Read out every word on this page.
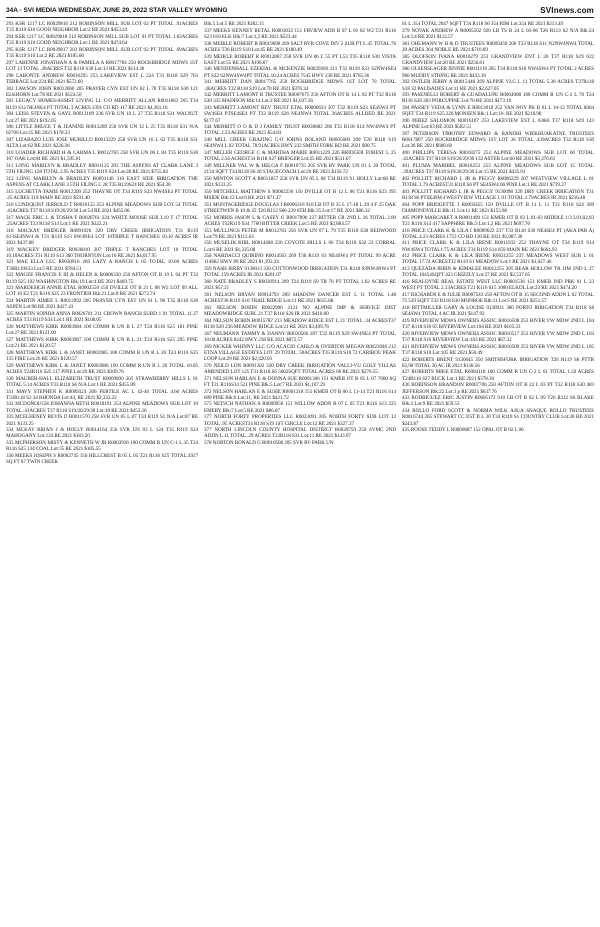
34A - SVI MEDIA WEDNESDAY, JUNE 29, 2022 STAR VALLEY WYOMING	SVInews.com

293 KSR 1217 LC R0029816 212 ROBINSON MILL SUB LOT 02 PT TOTAL .91ACRES T35 R119 S10 GOOD NEIGHBOR Lot:2 RE 2021 $453.43

294 KSR 1217 LC R0029818 212 ROBINSON MILL SUB LOT 01 PT TOTAL 1.62ACRES T35 R119 S10 GOOD NEIGHBOR Lot:1 RE 2021 $474.64

295 KSR 1217 LC R0029817 203 ROBINSON MILL SUB LOT 02 PT TOTAL .69ACRES T35 R119 S10 Lot:2 RE 2021 $185.60

297 LABENNE JONATHAN A & PAMELA A R0017784 250 ROCKBRIDGE MDWS 1ST LOT 13 TOTAL .28ACRES T32 R118 S30 Lot:13 RE 2021 $114.30

298 LABONTE ANDREW R0016295 253 LAKEVIEW EST L 224 T31 R118 S29 763 TERRACE Lot:224 RE 2021 $572.60

302 LAWSON JOHN R0012660 205 PRAYER CYN EST UN 02 L 78 T35 R118 S30 121 ELKHORN Lot:78 RE 2021 $124.50

303 LEGACY HOMES/ASSIST LIVING LL C/O MERRITT ALLAN R0011863 205 T34 R119 S12 NE4NE4 PT TOTAL 3 ACRES 2391 CO RD 117 RE 2021 $4,361.16

304 LEISS STEVEN & GAYL R0013189 236 SVR UN 10 L 27 T35 R118 S31 WALNUT Lot:27 RE 2021 $192.05

306 LITTLE BRUCE T & JEANINE R0013289 258 SVR UN 12 L 25 T35 R118 S31 N/A 02700 Lot:25 RE 2021 $178.23

307 LIZARAZO LUIS JOSE MURILLO R0013229 258 SVR UN 16 L 62 T35 R118 S31 ALTA Lot:62 RE 2021 $226.36

310 LOADER RICHARD H & CARMA L R0012763 258 SVR UN 06 L 84 T35 R118 S30 107 OAK Lot:84 RE 2021 $1,595.01

311 LONG MARILYN & BRADLEY R0011125 203 THE ASPENS AT CLARK LANE 3 5TH FILING 128 TOTAL 2.95 ACRES T35 R119 S24 Lot:28 RE 2021 $755.04

312 LONG MARILYN & BRADLEY R0091148 310 EAST SIDE IRRIGATION THE ASPENS AT CLARK LANE 3 5TH FILING L 28 T35 R119S24 RE 2021 $54.28

315 LUCHETTA TAMIE R0012209 252 THAYNE OT T34 R119 S23 NW4SE4 PT TOTAL .25 ACRES 319 MAIN RE 2021 $591.40

316 LUNDQUIST JERROLD T R0016155 253 ALPINE MEADOWS SUB LOT 54 TOTAL .41ACRES T37 R118 S19/20/29/30 Lot:54 RE 2021 $455.06

317 MACK ERIC L & TOSHA F R0026761 224 WHITE MOOSE SUB L10 T 17 TOTAL .25ACRES T33 R118 S14 Lot:1 RE 2021 $322.21

318 MACKAY BRIDGER R0091026 320 DRY CREEK IRRIGATION T31 R119 S13SE4NW4 & T31 R119 S13 SW4NE4 LOT 10TRIPLE T RANCHES 10.10 ACRES IR 2021 $437.08

319 MACKEY BRIDGER R0026810 207 TRIPLE T RANCHES LOT 10 TOTAL 10.10ACRES T31 R119 S13 300 THORNTON Lot:10 RE 2021 $4,017.95

321 MAE ELLA LLC R0030916 269 LAZY A RANCH L 05 TOTAL 10.00 ACRES T36R119S33 Lot:5 RE 2021 $784.51

322 MAGEE FRANCIS E III & HELEN K R0006330 250 AFTON OT B 19 L 04 PT T32 R119 S25 192 WASHINGTON Blk:19 Lot:4 RE 2021 $469.75

323 MARDESICH ANNIE ETAL R0002550 150 DVILLE OT B 21 L 08 W2 LOT 09 ALL LOT 10 E2 T21 R116 S25 23 FRONTIER Blk:21 Lot:8 RE 2021 $272.74

324 MARTIN AIMEE L R0012992 205 PRAYER CYN EST UN 01 L 98 T35 R118 S30 ASPEN Lot:98 RE 2021 $427.43

325 MARTIN SOPHIA ANNA R0026701 211 CROWN RANCH SUBD 1 01 TOTAL 11.37 ACRES T33 R119 S34 Lot:1 RE 2021 $108.05

326 MATTHEWS KIRK R0003984 100 COMM R UN B L 27 T24 R116 S25 181 PINE Lot:27 RE 2021 $121.00

327 MATTHEWS KIRK R0003987 100 COMM R UN B L 21 T24 R116 S25 295 PINE Lot:21 RE 2021 $120.57

328 MATTHEWS KIRK L & JANET R0003985 100 COMM R UN B L 26 T24 R116 S25 135 FIRE Lot:26 RE 2021 $120.57

329 MATTHEWS KIRK L & JANET R0003986 100 COMM R UN B L 20 TOTAL 10.05 ACRES T24R116 S25 117 PINE Lot:20 RE 2021 $309.76

330 MAURER-HALL ELIZABETH TRUST R0009890 205 STRAWBERRY HILLS L 01 TOTAL 5.14 ACRES T33 R118 S6 N/A Lot:1 RE 2021 $455.89

331 MAVY STEPHEN K R0009323 206 FERTILE AC L 43-46 TOTAL 4.66 ACRES T33R118 S3 34 RHONDA Lot:43, RE 2021 $2,333.22

332 MCDONOUGH JOHANNA BETH R0018191 253 ALPINE MEADOWS SUB LOT 10 TOTAL .41ACRES T37 R118 S19/20/29/30 Lot:10 RE 2021 $453.26

333 MCELHENEY REVIS D R0011570 258 SVR UN 05 L 87 T34 R119 S1 N/A Lot:87 RE 2021 $133.25

334 MCKAY BRIAN J & HOLLY R0014164 256 SVR UN 03 L 124 T35 R119 S24 MAHOGANY Lot:124 RE 2021 $183.20

335 MCPHERSON MISTY & KENNETH W JR R0003936 100 COMM R UN C-1 L 35 T24 R116 S25 134 COAL Lot:35 RE 2021 $105.55

336 MEEKS JOSEPH S R0002745 150 HILLCREST B 05 L 05 T21 R116 S25 TOTAL.3927 SQ FT 67 TWIN CREEK

Blk:5 Lot:5 RE 2021 $282.15

337 MEEKS KENNEY RETAL R0001832 151 FRVIEW ADD B 07 L 01 02 W2 T21 R116 S23 610 ELK Blk:7 Lot:1,2 RE 2021 $523.44

338 MEIKLE ROBERT R R0019698 269 SALT RVR COVE DIV 2 SUB PT L 45 TOTAL 76 ACRES T36 R119 S10 Lot:45 RE 2021 $180.49

339 MEIKLE ROBERT R R0012867 258 SVR UN 06 L 55 PT L53 T35 R118 S30 VISTA EAST Lot:55 RE 2021 $196.67

340 MENDENHALL EZEKIAL & MCKENZIE R0029269 211 T32 R119 S23 S2NW4SE4 PT S22 S2NW4SW4PT TOTAL 10.24 ACRES 7545 HWY 238 RE 2021 $765.36

341 MERRITT DAN R0017765 250 ROCKBRIDGE MDWS 1ST LOT 70 TOTAL .46ACRES T32 R118 S19 Lot:70 RE 2021 $370.34

342 MERRITT LAMONT B TRUSTEE R0007675 250 AFTON OT B 14 L 02 PT T32 R118 S30 335 MADISON Blk:14 Lot:2 RE 2021 $1,637.56

343 MERRITT LAMONT REV TRUST ETAL R0000633 207 T32 R119 S23 SE4SW4 PT SW4SE4 PTSE4SE4 PT T32 R119 S26 NE4NW4 TOTAL 36ACRES ALLRED RE 2021 $177.67

344 MERRITT O O & D J FAMILY TRUST R0030682 206 T35 R118 S14 NW4NW4 PT TOTAL 2.53 ACRES RE 2021 $54.83

346 MILL CREEK GRAZING C/O JOHNS ROLAND R0005669 209 T26 R118 S19 SE4NW4 L 02 TOTAL 78.91ACRES HWY 232 SMITH FORK RD RE 2021 $90.75

347 MILLER GEORGE C & MARTHA MARIE R0011229 226 BRIDGER FOREST L 25 TOTAL 2.56 ACREST34 R118 S27 BRIDGER Lot:25 RE 2021 $511.67

349 MILLNER VAL W & HELGA F R0010735 205 SVR RV PARK UN 01 L 20 TOTAL 2134 SQFT T34 R118 S6 28 STAGECOACH Lot:20 RE 2021 $156.72

350 MINTON SCOTT A R0011857 258 SVR UN 05 L 68 T34 R119 S1 HOLLY Lot:68 RE 2021 $133.25

350 MITCHELL MATTHEW S R0002236 150 DVILLE OT B 12 L 06 T21 R116 S23 395 MSIDE Blk:12 Lot:6 RE 2021 $71.27

351 MONTAGERIDGE DOUGLAS I R0006316 910 LB OT B 35 L 17-18 L 20 4 F 25 OAK STREETWEN B 10 & 35 T26 R112 S06 239 6TH Blk:35 Lot:17 RE 2021 $86.32

352 MORRIS JASON L & CASEY G R0017896 227 BITTER CR 2ND L 16 TOTAL 2.00 ACRES T32R119 S34 7760 BITTER CREEK Lot:5 RE 2021 $2,884.57

353 MULLINGS PETER M R0012763 250 SVR UN 07 L 79 T35 R118 S30 REDWOOD Lot:79 RE 2021 $112.63

356 MUSELIK KIRL R0014468 226 COYOTE HILLS L 06 T34 R118 S32 23 CORRAL Lot:6 RE 2021 $1,325.08

358 NARDACCI QUIRINO R0014563 269 T36 R119 S3 NE4SW4 PT TOTAL 99 ACRE 114682 HWY 89 RE 2021 $1,392.24

359 NASH JERRY 9130013 330 COTTONWOOD IRRIGATION T31 R118 S9NW4NW4 PT TOTAL 159 ACRES IR 2021 $201.07

360 NATE BRADLEY S R0030914 209 T24 R119 S9 TR 76 PT TOTAL 1.62 ACRES RE 2021 $57.21

361 NELSON BRYAN R0014793 269 SHADOW DANCER EST L 11 TOTAL 1.48 ACREST36 R119 S10 TRAIL RIDGE Lot:11 RE 2021 $615.68

362 NELSON ROBIN R0022990 2131 NO ALPINE IMP & SERVICE DIST MEADOWRIDGE SUBL 21 T37 R118 S20 IR 2021 $410.00

364 NELSON ROBIN R0015787 213 MEADOW RIDGE EST L 21 TOTAL .34 ACREST37 R118 S20 236 MEADOW RIDGE Lot:21 RE 2021 $3,499.76

367 NEUMANN TAMMY & DANNY R0030566 207 T32 R119 S29 SW4NE4 PT TOTAL 10.00 ACRES 8242 HWY 238 RE 2021 $872.57

369 NICKER WHINNY LLC C/O ACACIO CARLO & OVERTON MEGAN R0023046 212 ETNA VILLAGE ESTATES LOT 29 TOTAL .50ACRES T35 R119 S10 72 CARIBOU PEAK LOOP Lot:29 RE 2021 $2,420.03

370 NEILD LON R0091302 320 DRY CREEK IRRIGATION VALLI-VU GOLF VILLAS AMENDED LOT 125 T31 R118 S6 5662SQFT TOTAL ACRES 06 RE 2021 $276.55

371 NELSON HARLAN E & DONNA SUE R0001306 151 KMER OT B 05 L 07 7000 SQ FT T21 R116S14 521 PINE Blk:5 Lot:7 RE 2021 $1,107.29

372 NELSON HARLAN E & SUSIE R0001318 151 KMER OT B 06 L 11-14 T21 R116 S14 609 PINE Blk:6 Lot:11, RE 2021 $421.72

373 NETSCH NATHAN A R0009956 151 WILLOW ADDN B 07 L 05 T21 R116 S13 225 EMERY Blk:7 Lot:5 RE 2021 $86.87

377 NORTH FORTY PROPERTIES LLC R0023091 205 NORTH FORTY SUB LOT 12 TOTAL .95 ACREST34 R118 S19 1ST CIRCLE Lot:12 RE 2021 $327.37

377 NORTH LINCOLN COUNTY HOSPITAL DISTRICT R0020759 250 SVMC 2ND ADDN L 11 TOTAL .29 ACRES T32R118 S31 Lot:11 RE 2021 $143.07

378 NORTON RONALD G R0010508 205 SVR RV PARK UN

01 L 354 TOTAL 2047 SQFT T34 R118 S6 354 RIM Lot:354 RE 2021 $213.49

379 NOVAK ANDREW A R0005502 920 LB TS B 24 L 03-06 T26 R113 S2 N/A Blk:24 Lot:3,4 RE 2021 $112.57

381 OHLMANN W H & D TRUSTEES R0009450 206 T33 R118 S11 N2NW4NW4 TOTAL 20 ACRES 364 NOBLE RE 2021 $710.09

385 OLOFSON IVANA R0016279 253 GRANDVIEW ENT L 20 T37 R118 S29 622 GRANDVIEW Lot:20 RE 2021 $256.81

386 OLSENSLAGER JENNIE R0011116 205 T34 R118 S18 NW4SW4 PT TOTAL 2 ACRES 980 MUDDY STRING RE 2021 $433.16

392 OSTLER JERRY A R0015448 269 ALPINE VLG L 11 TOTAL 5.30 ACRES T37R118 S18 32 PALISADES Lot:11 RE 2021 $2,627.05

393 PASENELLI ROBERT & GUADALUPE R0004008 100 COMM R UN C-2 L 70 T24 R116 S26 283 PORCUPINE Lot:70 RE 2021 $173.16

394 PASSEY VEDA & LYNN E R0012018 252 VAN NOY PK B 01 L 10-12 TOTAL 8064 SQFT T34 R119 S25 226 MONSEN Blk:1 Lot:10- RE 2021 $216.98

396 PEREZ SALOMON R0016107 253 LAKEVIEW EST L 63&6 T37 R118 S29 143 ALPINE Lot:63 RE 2021 $582.51

397 PETERSON TIMOTHY EDWARD & RANDHI WIEKHUAKATNE TRUSTEES R0017807 250 ROCKBRIDGE MDWS 1ST LOT 36 TOTAL .439ACRES T32 R118 S30 Lot:36 RE 2021 $606.60

400 PHILLIPS TERESA R0018275 253 ALPINE MEADOWS SUB LOT 60 TOTAL .41ACRES T37 R118 S19/20/29/30 132 ASTER Lot:60 RE 2021 $3,376.63

401 PLUMA MARIBEL R0018253 253 ALPINE MEADOWS SUB LOT 15 TOTAL .39ACRES T37 R118 S19/20/29/30 Lot:15 RE 2021 $435.01

402 POLLITT RICHARD L JR & PEGGY R0006229 207 WESTVIEW VILLAGE L 01 TOTAL 1.79 ACREST31 R118 S6 PT SE4SW4 66 PINE Lot:1 RE 2021 $739.37

403 POLLITT RICHARD L JR & PEGGY 9130098 320 DRY CREEK IRRIGATION T31 R118 S6 PTSE4SW4 WESTVIEW VILLAGE L 01 TOTAL 1.79ACRES IR 2021 $216.48

404 POPP BRIDGETTE I R0002455 150 DVILLE OT B 11 L 11 T21 R116 S24 309 DIAMONDVILLE Blk:11 Lot:11 RE 2021 $153.98

405 POPP MARGARET A R0001499 151 KMER OT B 03 L 01-03 MIDDLE 1/3 L01,02,03 T21 R116 S14 417 SAPPHIRE Blk:3 Lot:1,2 RE 2021 $697.70

410 PRICE CLARK K & LILA I R0009622 237 T33 R118 S30 NE4SE4 PT (AKA PAR A) TOTAL 4.23 ACRES 1753 CO RD 130 RE 2021 $1,087.30

411 PRICE CLARK K & LILA IRENE R0011932 252 THAYNE OT T34 R119 S14 NW4SW4 TOTAL1.75 ACRES T34 R119 S14 859 MAIN RE 2021 $664.93

412 PRICE CLARK K & LILA IRENE R0021255 237 MEADOWS WEST SUB L 01 TOTAL 17.74 ACREST32 R119 S1 MEADOW Lot:1 RE 2021 $1,027.46

413 QUEZADA IRBIN & KIMALEE R0012255 205 BEAR HOLLOW TR 1IM 2ND L 27 TOTAL 10454SQFT 423 GRIZZLY Lot:27 RE 2021 $2,537.65

416 REALDYNE REAL ESTATE WEST LLC R0001536 151 KMER IND PRK 01 L 23 WEST PT TOTAL 2.13ACRES T21 R116 S15 1000 ELKOL Lot:23 RE 2021 $474.20

417 RICHARDS E & JULIE R0007543 250 AFTON OT B 15 SECOND ADDN L 02 TOTAL 75 539 SQFT T32 R118 S30 MONROE Blk:11 Lot:5 RE 2021 $251.57

418 RITTMILLER GARY & LOUISE 9130931 380 PORTO IRRIGATION T34 R118 S8 SE4SW4 TOTAL 4 AC IR 2021 $147.92

419 RIVERVIEW MDWS OWNERS ASSOC R0016508 253 RIVER VW MDW 2ND L 104 T37 R118 S10 65 RIVERVIEW Lot:104 RE 2021 $105.33

420 RIVERVIEW MDWS OWNERS ASSOC R0016517 253 RIVER VW MDW 2ND L 103 T37 R118 S10 RIVERVIEW Lot:103 RE 2021 $67.32

421 RIVERVIEW MDWS OWNERS ASSOC R0016509 253 RIVER VW MDW 2ND L 105 T37 R118 S10 Lot:105 RE 2021 $50.49

422 ROBERTS BRENT 9130045 350 SMITHSFORK IRRIGATION T26 R119 S8 PTTR 82,90 TOTAL 20 AC IR 2021 $138.56

427 ROBERTS MIKE ETAL R0004118 100 COMM R UN C-2 L 01 TOTAL 1.50 ACRES T24R116 S27 BUCK Lot:1 RE 2021 $378.36

430 ROBINSON BRANDON R0007706 250 AFTON OT B 22 L 03 PT T32 R118 S30 483 JEFFERSON Blk:22 Lot:3 p RE 2021 $637.76

433 RODRIGUEZ ERIC JUSTIN R0005172 910 LB OT B 02 L 09 T26 R112 S6 BLAKE Blk:2 Lot:9 RE 2021 $59.53

434 ROLLO FORD SCOTT & NORMA WILK A/K/A SNAQUE ROLLO TRUSTEES R0016744 265 STEWART CC EST II L 30 T34 R119 S1 COUNTRY CLUB Lot:30 RE 2021 $243.87

435 ROOSE TEDDY L R0000687 152 OPAL OT B 02 L 06
